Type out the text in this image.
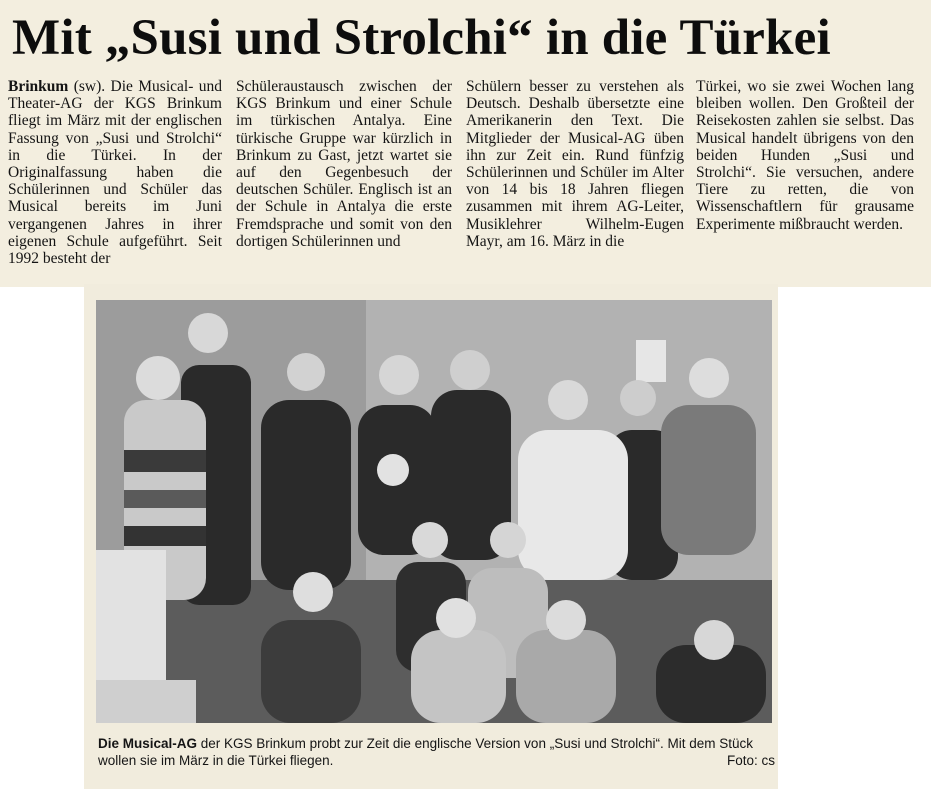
Mit „Susi und Strolchi“ in die Türkei

Brinkum (sw). Die Musical- und Theater-AG der KGS Brinkum fliegt im März mit der englischen Fassung von „Susi und Strolchi“ in die Türkei. In der Originalfassung haben die Schülerinnen und Schüler das Musical bereits im Juni vergangenen Jahres in ihrer eigenen Schule aufgeführt. Seit 1992 besteht der

Schüleraustausch zwischen der KGS Brinkum und einer Schule im türkischen Antalya. Eine türkische Gruppe war kürzlich in Brinkum zu Gast, jetzt wartet sie auf den Gegenbesuch der deutschen Schüler. Englisch ist an der Schule in Antalya die erste Fremdsprache und somit von den dortigen Schülerinnen und

Schülern besser zu verstehen als Deutsch. Deshalb übersetzte eine Amerikanerin den Text. Die Mitglieder der Musical-AG üben ihn zur Zeit ein. Rund fünfzig Schülerinnen und Schüler im Alter von 14 bis 18 Jahren fliegen zusammen mit ihrem AG-Leiter, Musiklehrer Wilhelm-Eugen Mayr, am 16. März in die

Türkei, wo sie zwei Wochen lang bleiben wollen. Den Großteil der Reisekosten zahlen sie selbst. Das Musical handelt übrigens von den beiden Hunden „Susi und Strolchi“. Sie versuchen, andere Tiere zu retten, die von Wissenschaftlern für grausame Experimente mißbraucht werden.

Die Musical-AG der KGS Brinkum probt zur Zeit die englische Version von „Susi und Strolchi“. Mit dem Stück wollen sie im März in die Türkei fliegen.	Foto: cs
